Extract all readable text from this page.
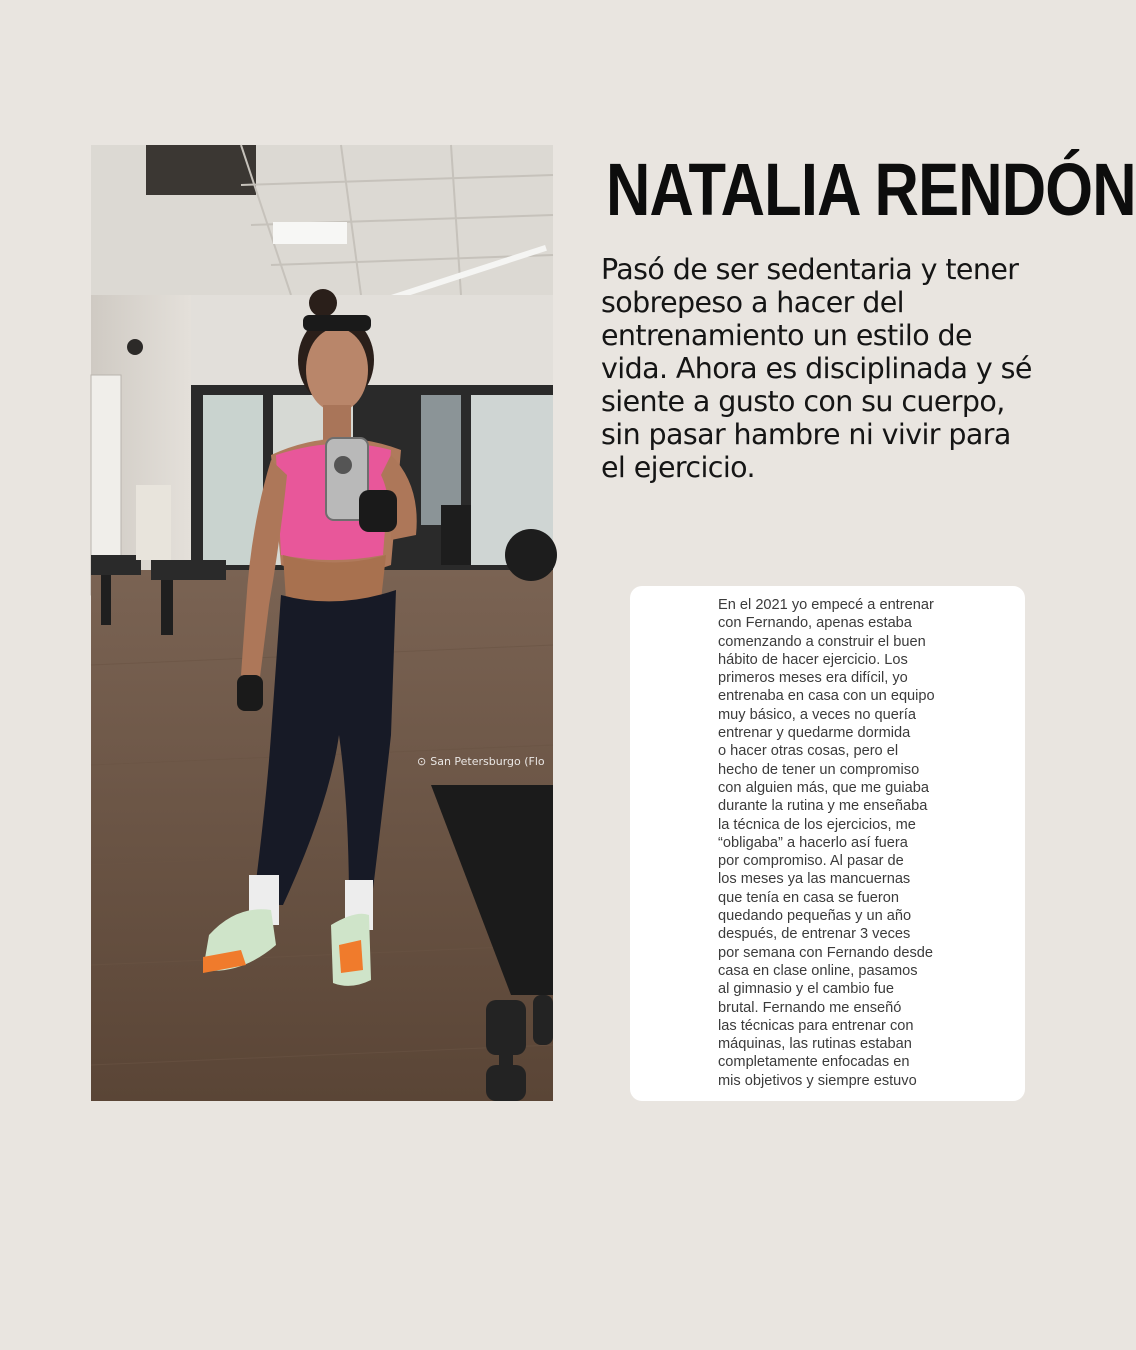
⊙ San Petersburgo (Flo
NATALIA RENDÓN
Pasó de ser sedentaria y tener
sobrepeso a hacer del
entrenamiento un estilo de
vida. Ahora es disciplinada y sé
siente a gusto con su cuerpo,
sin pasar hambre ni vivir para
el ejercicio.
En el 2021 yo empecé a entrenar
con Fernando, apenas estaba
comenzando a construir el buen
hábito de hacer ejercicio. Los
primeros meses era difícil, yo
entrenaba en casa con un equipo
muy básico, a veces no quería
entrenar y quedarme dormida
o hacer otras cosas, pero el
hecho de tener un compromiso
con alguien más, que me guiaba
durante la rutina y me enseñaba
la técnica de los ejercicios, me
“obligaba” a hacerlo así fuera
por compromiso. Al pasar de
los meses ya las mancuernas
que tenía en casa se fueron
quedando pequeñas y un año
después, de entrenar 3 veces
por semana con Fernando desde
casa en clase online, pasamos
al gimnasio y el cambio fue
brutal. Fernando me enseñó
las técnicas para entrenar con
máquinas, las rutinas estaban
completamente enfocadas en
mis objetivos y siempre estuvo
